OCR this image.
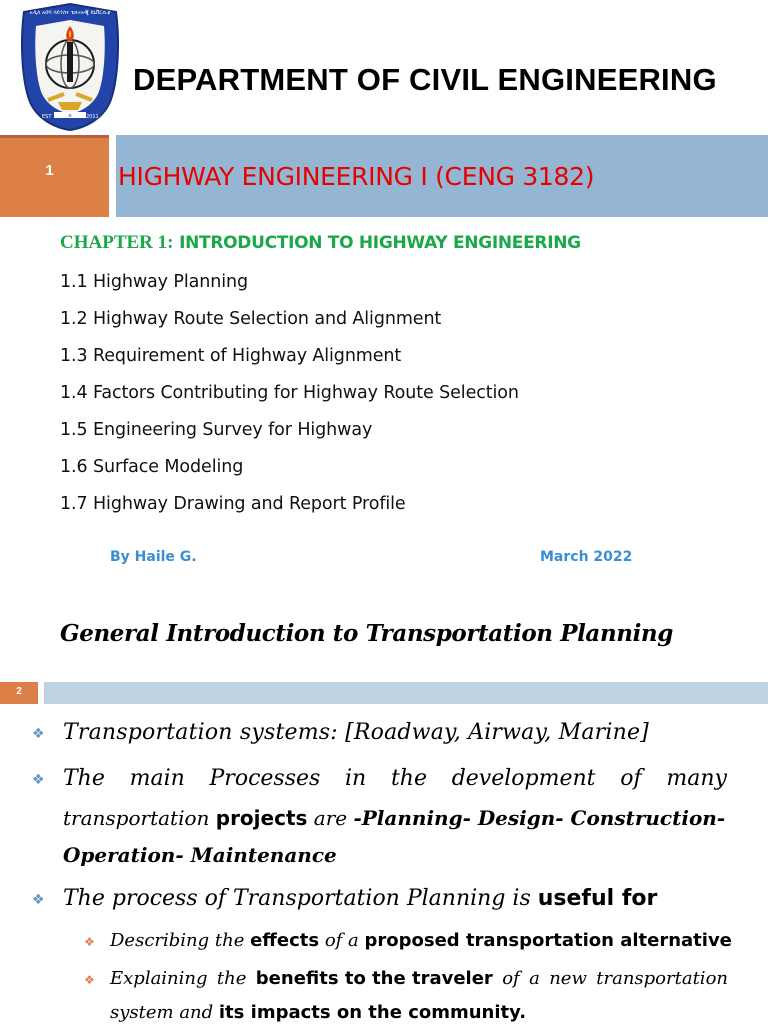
አዲስ አበባ ሳይንስና ቴክኖሎጂ ዩኒቨርሲቲ
EST	2011
⚙
DEPARTMENT OF CIVIL ENGINEERING
1	HIGHWAY ENGINEERING I (CENG 3182)
CHAPTER 1: INTRODUCTION TO HIGHWAY ENGINEERING
1.1 Highway Planning
1.2 Highway Route Selection and Alignment
1.3 Requirement of Highway Alignment
1.4 Factors Contributing for Highway Route Selection
1.5 Engineering Survey for Highway
1.6 Surface Modeling
1.7 Highway Drawing and Report Profile
By Haile G.	March 2022
General Introduction to Transportation Planning
2
❖ Transportation systems: [Roadway, Airway, Marine]
❖ The main Processes in the development of many
transportation projects are -Planning- Design- Construction-
Operation- Maintenance
❖ The process of Transportation Planning is useful for
❖ Describing the effects of a proposed transportation alternative
❖ Explaining the benefits to the traveler of a new transportation
system and its impacts on the community.
